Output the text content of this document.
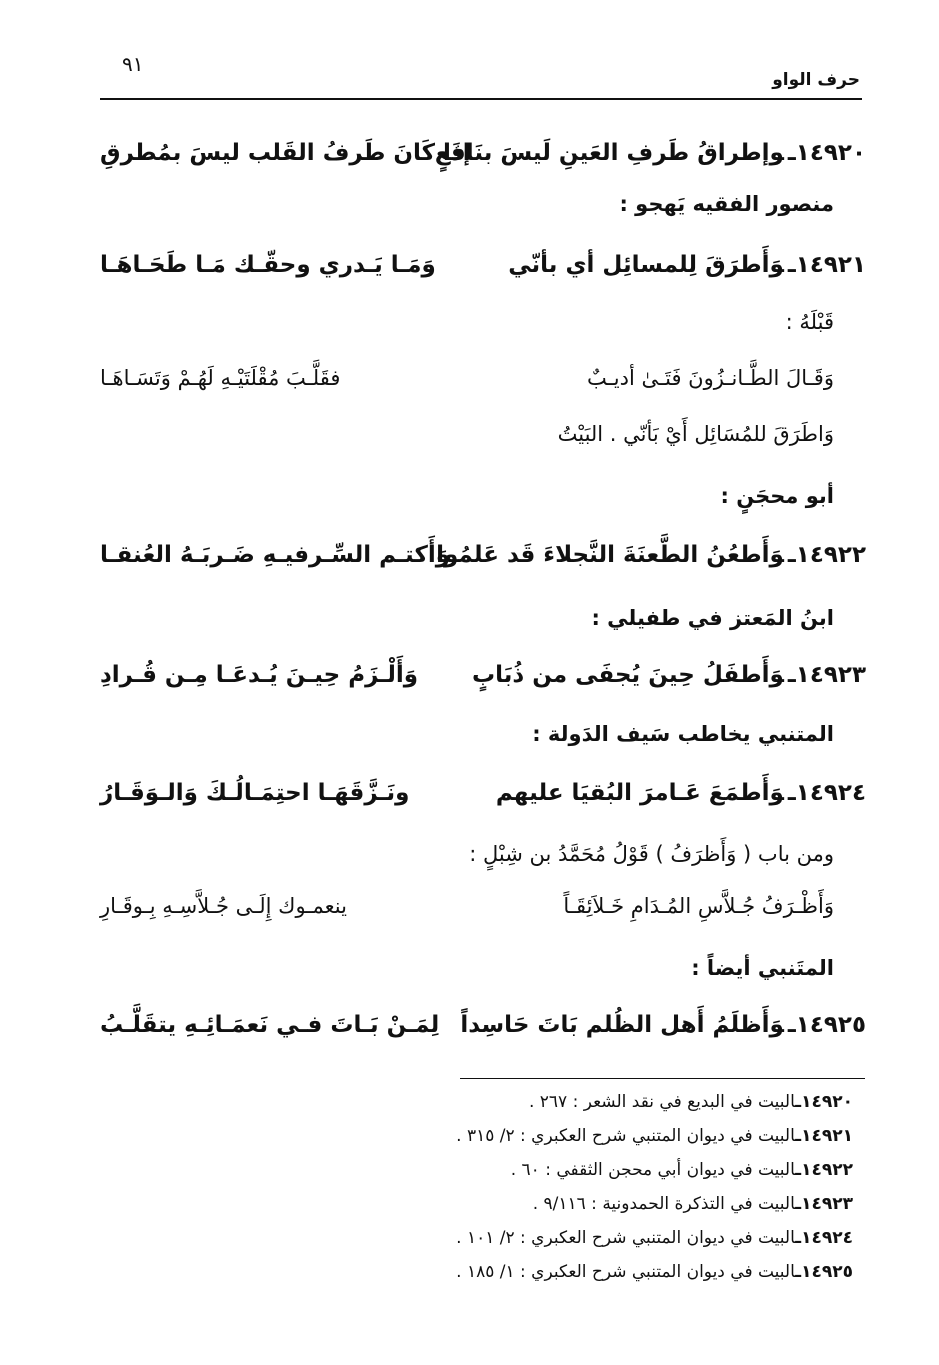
حرف الواو
٩١
١٤٩٢٠ـوإطراقُ طَرفِ العَينِ لَيسَ بنَافعٍ
إذَا كَانَ طَرفُ القَلب ليسَ بمُطرقِ
منصور الفقيه يَهجو :
١٤٩٢١ـوَأَطرَقَ لِلمسائِل أي بأنّي
وَمَـا يَـدري وحقّـك مَـا طَحَـاهَـا
قَبْلَهُ :
وَقَـالَ الطَّـانـزُونَ فَتَـىٰ أديـبٌ
فقَلَّـبَ مُقْلَتَيْـهِ لَهُـمْ وَتَسَـاهَـا
وَاطَرَقَ للمُسَائِل أَيْ بَأنّي . البَيْتُ
أبو محجَنٍ :
١٤٩٢٢ـوَأَطعُنُ الطَّعنَةَ النَّجلاءَ قَد عَلمُوا
وَأَكتـم السِّـرفيـهِ ضَـربَـهُ العُنقـا
ابنُ المَعتز في طفيلي :
١٤٩٢٣ـوَأَطفَلُ حِينَ يُجفَى من ذُبَابٍ
وَأَلْـزَمُ حِيـنَ يُـدعَـا مِـن قُـرادِ
المتنبي يخاطب سَيف الدَولة :
١٤٩٢٤ـوَأَطمَعَ عَـامرَ البُقيَا عليهم
ونَـزَّقَهَـا احتِمَـالُـكَ وَالـوَقَـارُ
ومن باب ( وَأَظرَفُ ) قَوْلُ مُحَمَّدُ بن شِبْلٍ :
وَأَظْـرَفُ جُـلاَّسِ المُـدَامِ خَـلاَئِقَـاً
ينعمـوك إِلَـى جُـلاَّسِـهِ بِـوقَـارِ
المتَنبي أيضاً :
١٤٩٢٥ـوَأَظلَمُ أَهل الظُلم بَاتَ حَاسِداً
لِمَـنْ بَـاتَ فـي نَعمَـائِـهِ يتقَلَّـبُ
١٤٩٢٠ـالبيت في البديع في نقد الشعر : ٢٦٧ .
١٤٩٢١ـالبيت في ديوان المتنبي شرح العكبري : ٢/ ٣١٥ .
١٤٩٢٢ـالبيت في ديوان أبي محجن الثقفي : ٦٠ .
١٤٩٢٣ـالبيت في التذكرة الحمدونية : ٩/١١٦ .
١٤٩٢٤ـالبيت في ديوان المتنبي شرح العكبري : ٢/ ١٠١ .
١٤٩٢٥ـالبيت في ديوان المتنبي شرح العكبري : ١/ ١٨٥ .
